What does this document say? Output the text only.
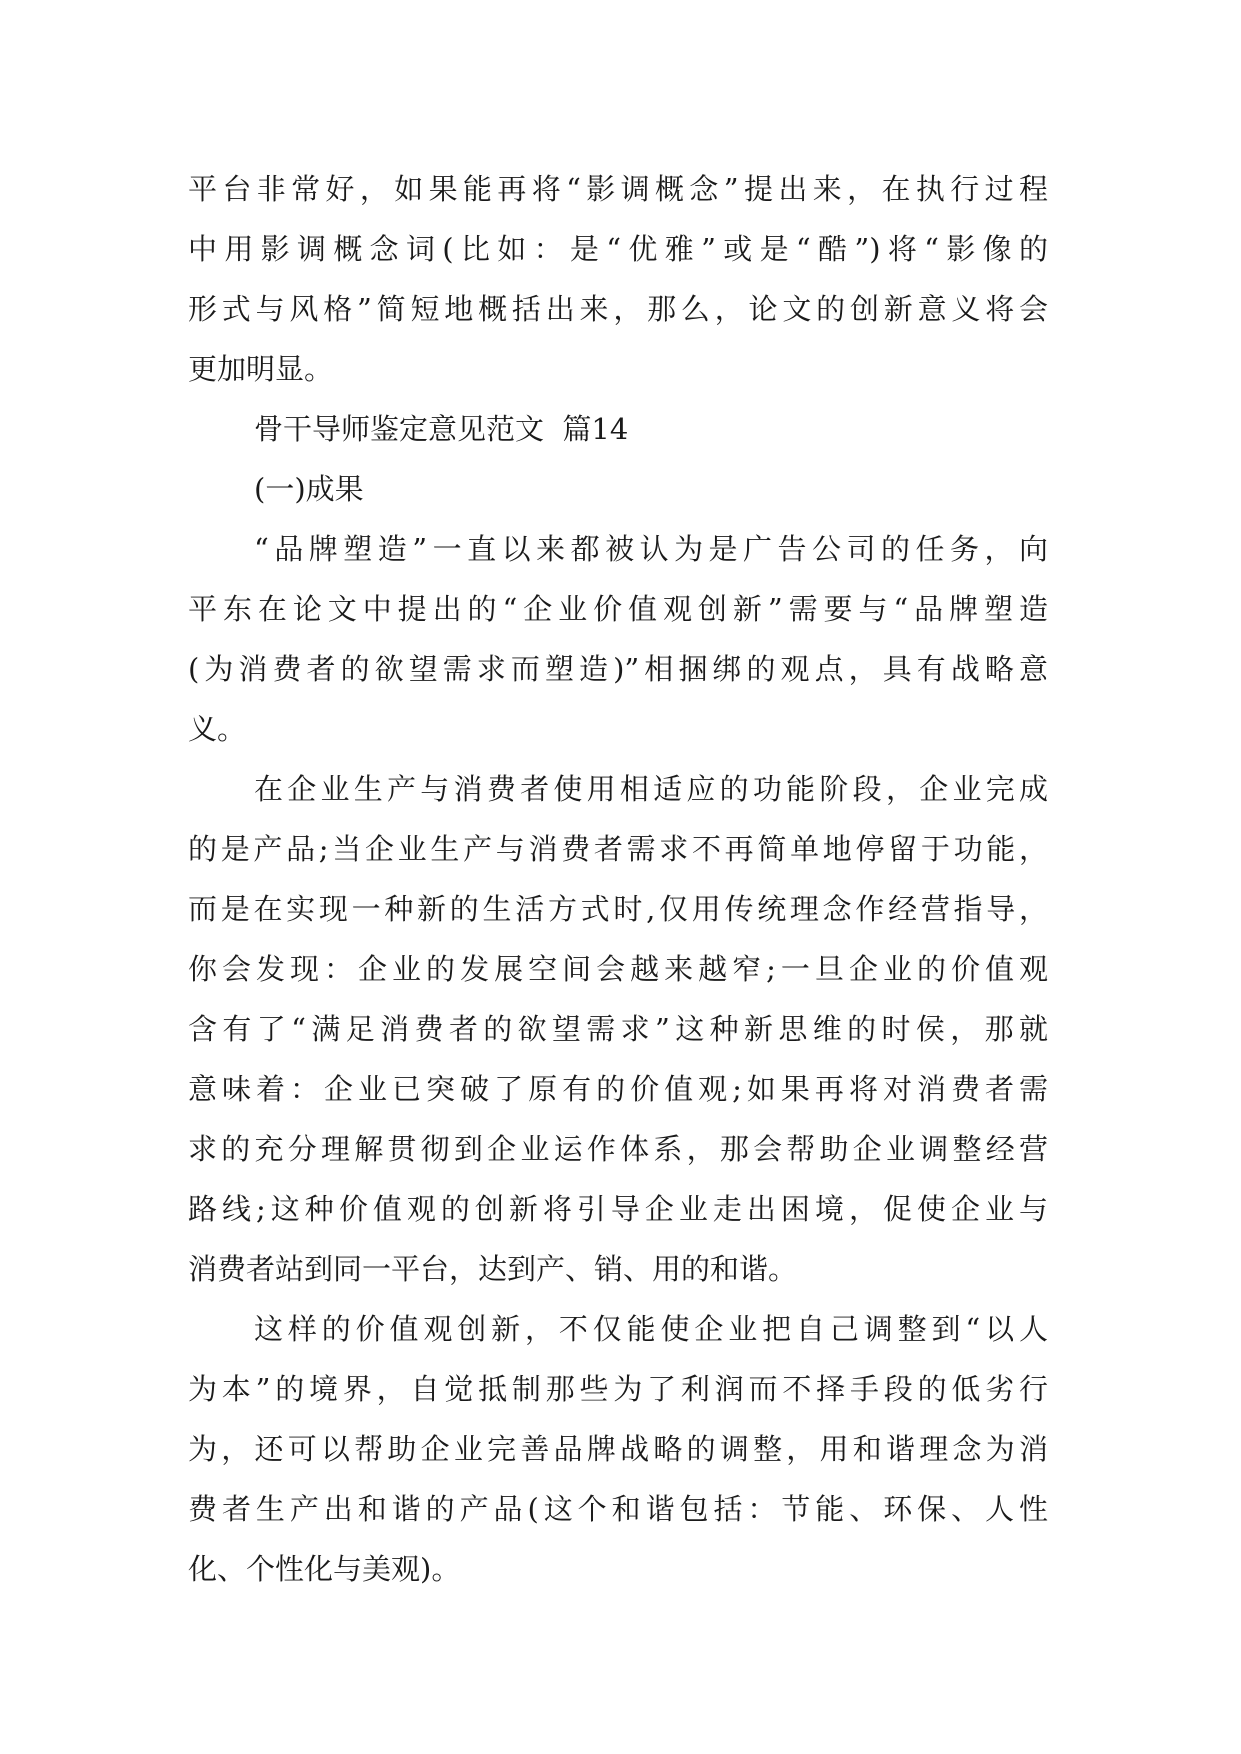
平台非常好，如果能再将“影调概念”提出来，在执行过程

中用影调概念词(比如：是“优雅”或是“酷”)将“影像的

形式与风格”简短地概括出来，那么，论文的创新意义将会

更加明显。

骨干导师鉴定意见范文  篇14

(一)成果

“品牌塑造”一直以来都被认为是广告公司的任务，向

平东在论文中提出的“企业价值观创新”需要与“品牌塑造

(为消费者的欲望需求而塑造)”相捆绑的观点，具有战略意

义。

在企业生产与消费者使用相适应的功能阶段，企业完成

的是产品;当企业生产与消费者需求不再简单地停留于功能，

而是在实现一种新的生活方式时,仅用传统理念作经营指导，

你会发现：企业的发展空间会越来越窄;一旦企业的价值观

含有了“满足消费者的欲望需求”这种新思维的时侯，那就

意味着：企业已突破了原有的价值观;如果再将对消费者需

求的充分理解贯彻到企业运作体系，那会帮助企业调整经营

路线;这种价值观的创新将引导企业走出困境，促使企业与

消费者站到同一平台，达到产、销、用的和谐。

这样的价值观创新，不仅能使企业把自己调整到“以人

为本”的境界，自觉抵制那些为了利润而不择手段的低劣行

为，还可以帮助企业完善品牌战略的调整，用和谐理念为消

费者生产出和谐的产品(这个和谐包括：节能、环保、人性

化、个性化与美观)。
